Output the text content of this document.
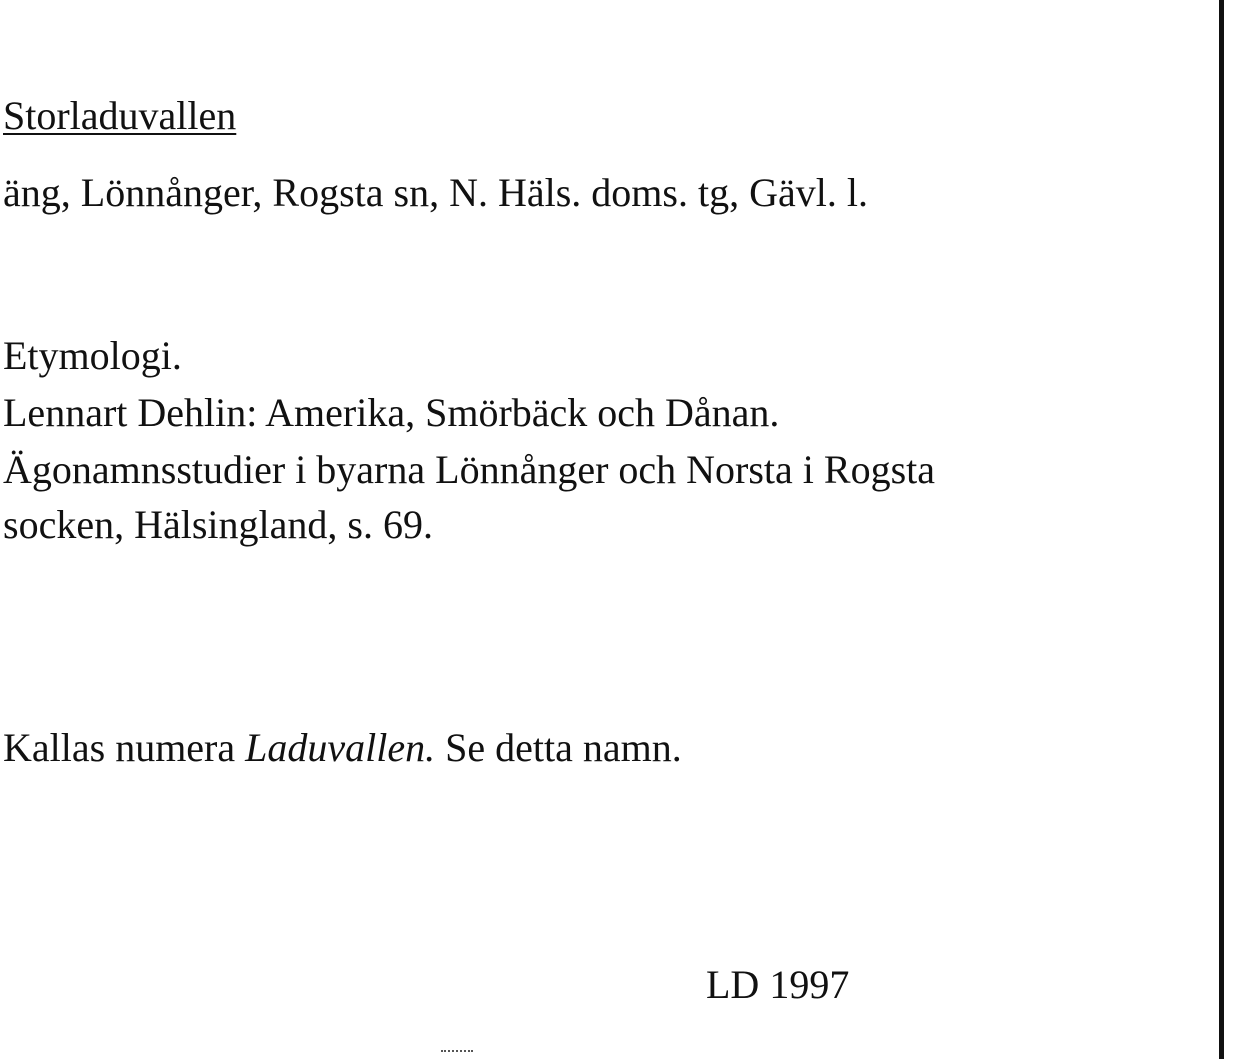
Storladuvallen
äng, Lönnånger, Rogsta sn, N. Häls. doms. tg, Gävl. l.
Etymologi.
Lennart Dehlin: Amerika, Smörbäck och Dånan.
Ägonamnsstudier i byarna Lönnånger och Norsta i Rogsta
socken, Hälsingland, s. 69.
Kallas numera Laduvallen. Se detta namn.
LD 1997
